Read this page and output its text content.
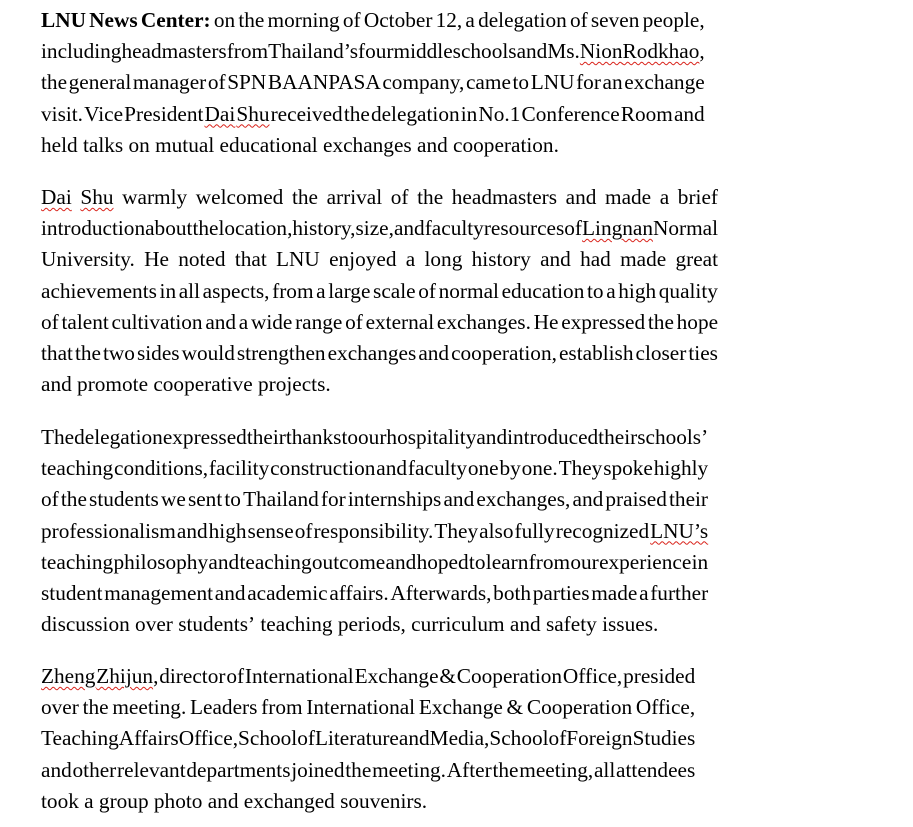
LNU News Center: on the morning of October 12, a delegation of seven people,
including headmasters from Thailand’s four middle schools and Ms. Nion Rodkhao,
the general manager of SPN BAANPASA company, came to LNU for an exchange
visit. Vice President Dai Shu received the delegation in No.1 Conference Room and
held talks on mutual educational exchanges and cooperation.
Dai Shu warmly welcomed the arrival of the headmasters and made a brief
introduction about the location, history, size, and faculty resources of Lingnan Normal
University. He noted that LNU enjoyed a long history and had made great
achievements in all aspects, from a large scale of normal education to a high quality
of talent cultivation and a wide range of external exchanges. He expressed the hope
that the two sides would strengthen exchanges and cooperation, establish closer ties
and promote cooperative projects.
The delegation expressed their thanks to our hospitality and introduced their schools’
teaching conditions, facility construction and faculty one by one. They spoke highly
of the students we sent to Thailand for internships and exchanges, and praised their
professionalism and high sense of responsibility. They also fully recognized LNU’s
teaching philosophy and teaching outcome and hoped to learn from our experience in
student management and academic affairs. Afterwards, both parties made a further
discussion over students’ teaching periods, curriculum and safety issues.
Zheng Zhijun, director of International Exchange & Cooperation Office, presided
over the meeting. Leaders from International Exchange & Cooperation Office,
Teaching Affairs Office, School of Literature and Media, School of Foreign Studies
and other relevant departments joined the meeting. After the meeting, all attendees
took a group photo and exchanged souvenirs.
